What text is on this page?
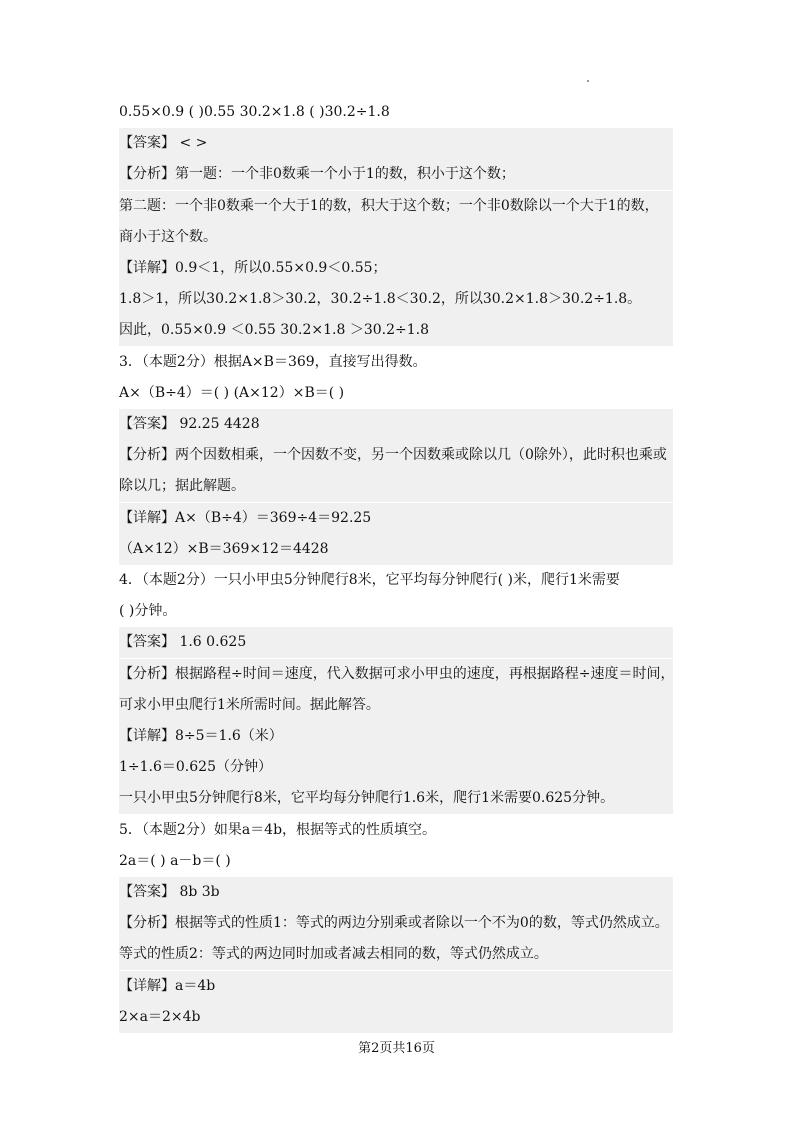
0.55×0.9 ( )0.55 30.2×1.8 ( )30.2÷1.8
【答案】 < >
【分析】第一题：一个非0数乘一个小于1的数，积小于这个数；
第二题：一个非0数乘一个大于1的数，积大于这个数；一个非0数除以一个大于1的数，
商小于这个数。
【详解】0.9＜1，所以0.55×0.9＜0.55；
1.8＞1，所以30.2×1.8＞30.2，30.2÷1.8＜30.2，所以30.2×1.8＞30.2÷1.8。
因此，0.55×0.9 ＜0.55 30.2×1.8 ＞30.2÷1.8
3．（本题2分）根据A×B＝369，直接写出得数。
A×（B÷4）＝( ) (A×12）×B＝( )
【答案】 92.25 4428
【分析】两个因数相乘，一个因数不变，另一个因数乘或除以几（0除外），此时积也乘或
除以几；据此解题。
【详解】A×（B÷4）＝369÷4＝92.25
（A×12）×B＝369×12＝4428
4．（本题2分）一只小甲虫5分钟爬行8米，它平均每分钟爬行( )米，爬行1米需要
( )分钟。
【答案】 1.6 0.625
【分析】根据路程÷时间＝速度，代入数据可求小甲虫的速度，再根据路程÷速度＝时间，
可求小甲虫爬行1米所需时间。据此解答。
【详解】8÷5＝1.6（米）
1÷1.6＝0.625（分钟）
一只小甲虫5分钟爬行8米，它平均每分钟爬行1.6米，爬行1米需要0.625分钟。
5．（本题2分）如果a＝4b，根据等式的性质填空。
2a＝( ) a－b＝( )
【答案】 8b 3b
【分析】根据等式的性质1：等式的两边分别乘或者除以一个不为0的数，等式仍然成立。
等式的性质2：等式的两边同时加或者减去相同的数，等式仍然成立。
【详解】a＝4b
2×a＝2×4b
第2页共16页
